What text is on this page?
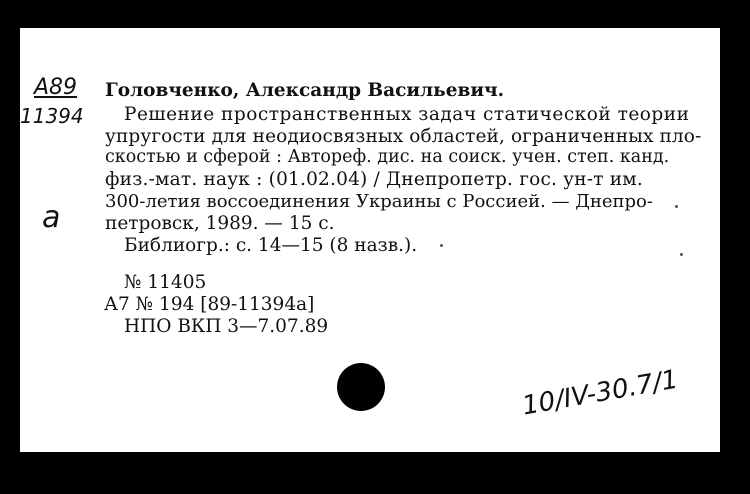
A89
11394
a
Головченко, Александр Васильевич.
Решение пространственных задач статической теории
упругости для неодиосвязных областей, ограниченных пло-
скостью и сферой : Автореф. дис. на соиск. учен. степ. канд.
физ.-мат. наук : (01.02.04) / Днепропетр. гос. ун-т им.
300-летия воссоединения Украины с Россией. — Днепро-
петровск, 1989. — 15 с.
Библиогр.: с. 14—15 (8 назв.).
№ 11405
А7 № 194 [89-11394а]
НПО ВКП 3—7.07.89
10/IV-30.7/1
